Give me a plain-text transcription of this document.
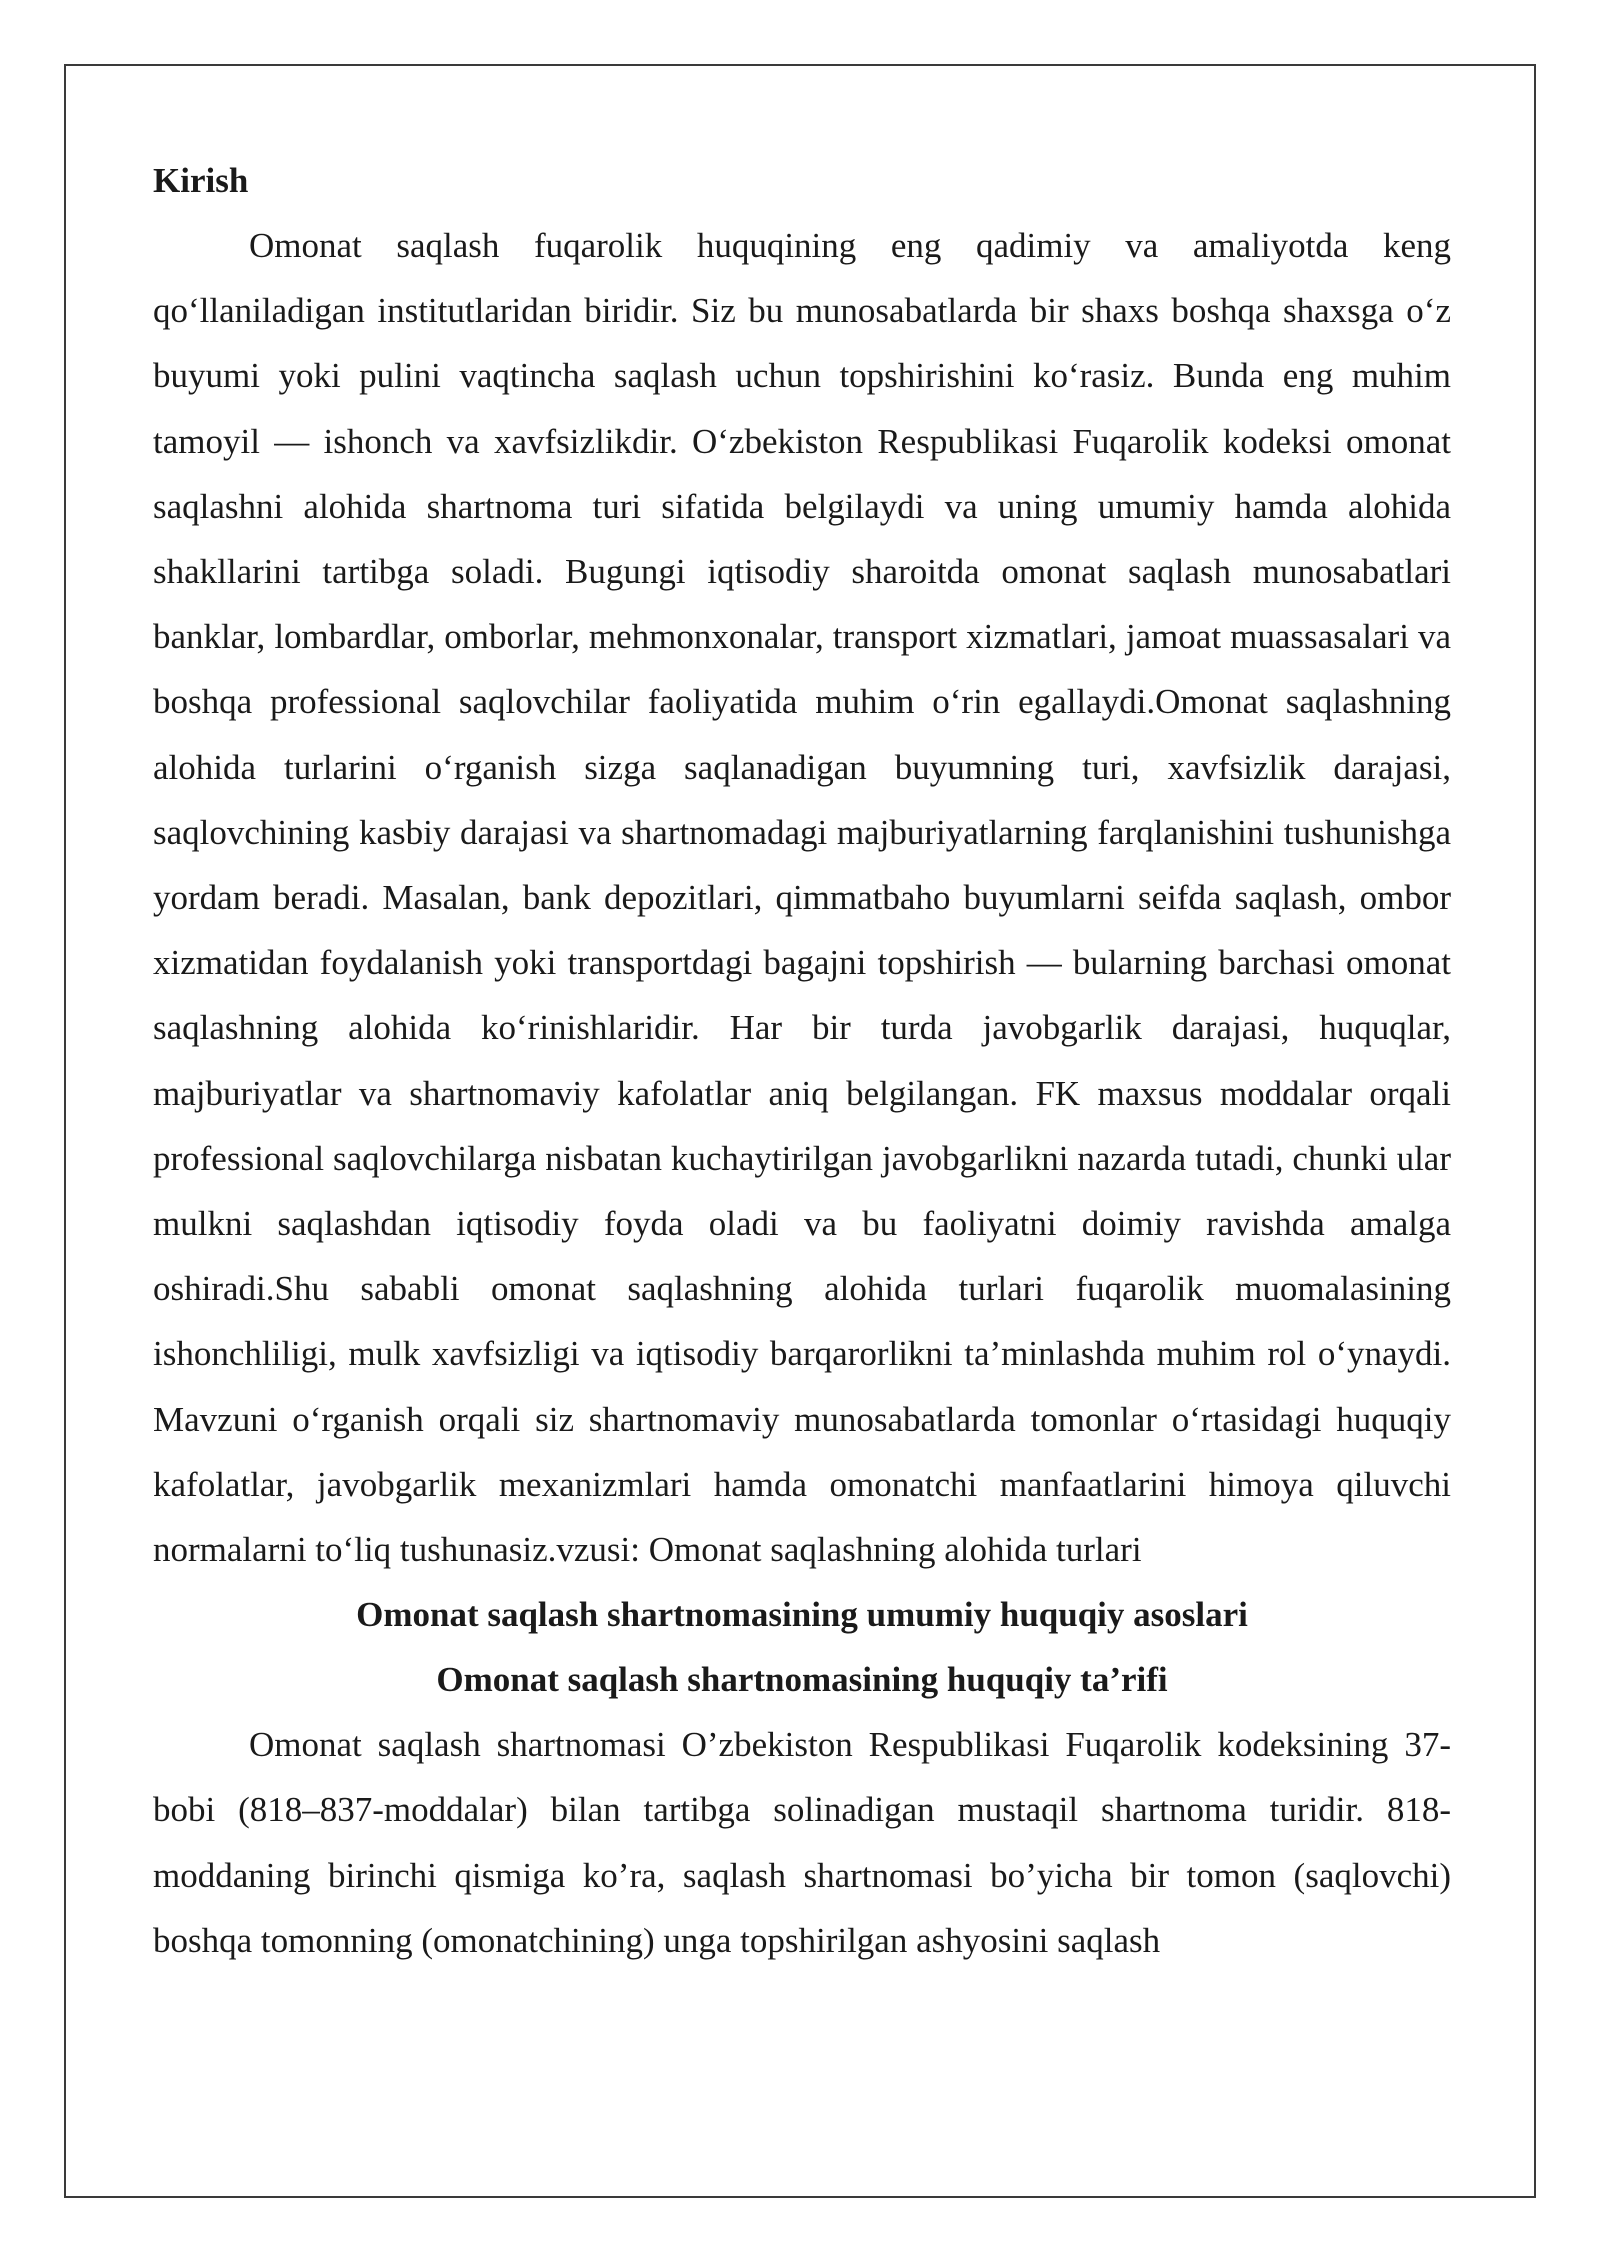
Kirish

Omonat saqlash fuqarolik huquqining eng qadimiy va amaliyotda keng qo‘llaniladigan institutlaridan biridir. Siz bu munosabatlarda bir shaxs boshqa shaxsga o‘z buyumi yoki pulini vaqtincha saqlash uchun topshirishini ko‘rasiz. Bunda eng muhim tamoyil — ishonch va xavfsizlikdir. O‘zbekiston Respublikasi Fuqarolik kodeksi omonat saqlashni alohida shartnoma turi sifatida belgilaydi va uning umumiy hamda alohida shakllarini tartibga soladi. Bugungi iqtisodiy sharoitda omonat saqlash munosabatlari banklar, lombardlar, omborlar, mehmonxonalar, transport xizmatlari, jamoat muassasalari va boshqa professional saqlovchilar faoliyatida muhim o‘rin egallaydi.Omonat saqlashning alohida turlarini o‘rganish sizga saqlanadigan buyumning turi, xavfsizlik darajasi, saqlovchining kasbiy darajasi va shartnomadagi majburiyatlarning farqlanishini tushunishga yordam beradi. Masalan, bank depozitlari, qimmatbaho buyumlarni seifda saqlash, ombor xizmatidan foydalanish yoki transportdagi bagajni topshirish — bularning barchasi omonat saqlashning alohida ko‘rinishlaridir. Har bir turda javobgarlik darajasi, huquqlar, majburiyatlar va shartnomaviy kafolatlar aniq belgilangan. FK maxsus moddalar orqali professional saqlovchilarga nisbatan kuchaytirilgan javobgarlikni nazarda tutadi, chunki ular mulkni saqlashdan iqtisodiy foyda oladi va bu faoliyatni doimiy ravishda amalga oshiradi.Shu sababli omonat saqlashning alohida turlari fuqarolik muomalasining ishonchliligi, mulk xavfsizligi va iqtisodiy barqarorlikni ta’minlashda muhim rol o‘ynaydi. Mavzuni o‘rganish orqali siz shartnomaviy munosabatlarda tomonlar o‘rtasidagi huquqiy kafolatlar, javobgarlik mexanizmlari hamda omonatchi manfaatlarini himoya qiluvchi normalarni to‘liq tushunasiz.vzusi: Omonat saqlashning alohida turlari

Omonat saqlash shartnomasining umumiy huquqiy asoslari

Omonat saqlash shartnomasining huquqiy ta’rifi

Omonat saqlash shartnomasi O’zbekiston Respublikasi Fuqarolik kodeksining 37-bobi (818–837-moddalar) bilan tartibga solinadigan mustaqil shartnoma turidir. 818-moddaning birinchi qismiga ko’ra, saqlash shartnomasi bo’yicha bir tomon (saqlovchi) boshqa tomonning (omonatchining) unga topshirilgan ashyosini saqlash
